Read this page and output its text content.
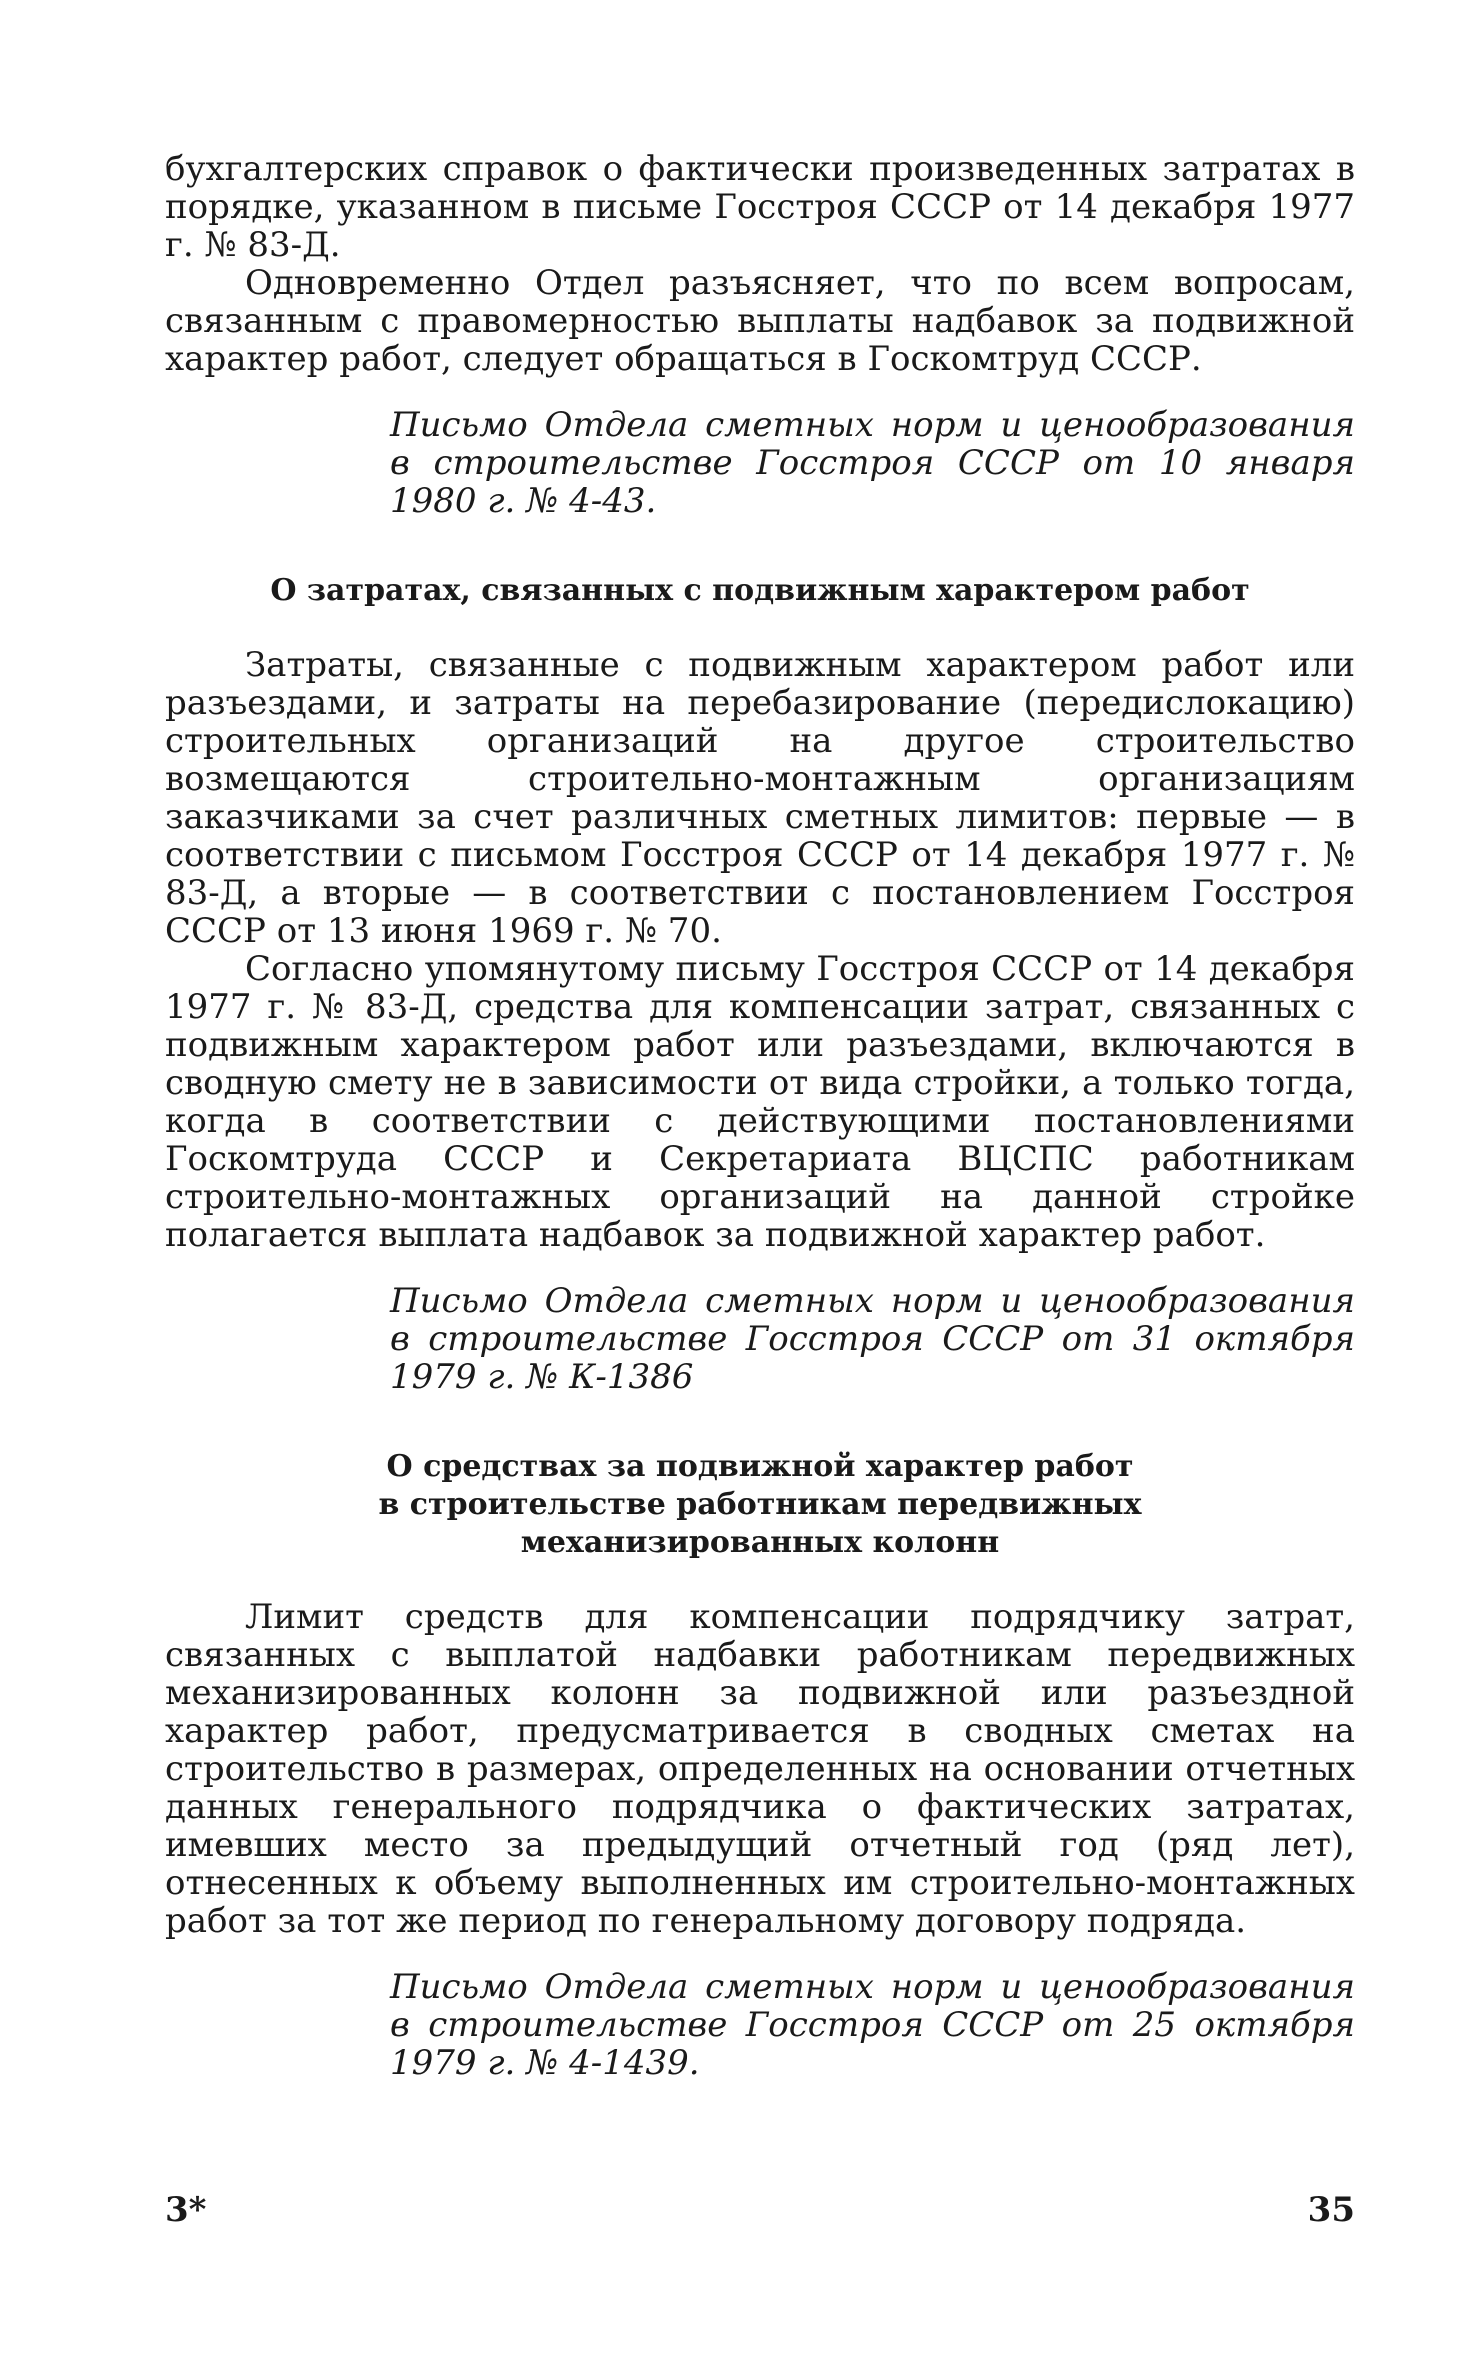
бухгалтерских справок о фактически произведенных затратах в порядке, указанном в письме Госстроя СССР от 14 декабря 1977 г. № 83-Д.

Одновременно Отдел разъясняет, что по всем вопросам, связанным с правомерностью выплаты надбавок за подвижной характер работ, следует обращаться в Госкомтруд СССР.

Письмо Отдела сметных норм и ценообразования в строительстве Госстроя СССР от 10 января 1980 г. № 4-43.

О затратах, связанных с подвижным характером работ

Затраты, связанные с подвижным характером работ или разъездами, и затраты на перебазирование (передислокацию) строительных организаций на другое строительство возмещаются строительно-монтажным организациям заказчиками за счет различных сметных лимитов: первые — в соответствии с письмом Госстроя СССР от 14 декабря 1977 г. № 83-Д, а вторые — в соответствии с постановлением Госстроя СССР от 13 июня 1969 г. № 70.

Согласно упомянутому письму Госстроя СССР от 14 декабря 1977 г. № 83-Д, средства для компенсации затрат, связанных с подвижным характером работ или разъездами, включаются в сводную смету не в зависимости от вида стройки, а только тогда, когда в соответствии с действующими постановлениями Госкомтруда СССР и Секретариата ВЦСПС работникам строительно-монтажных организаций на данной стройке полагается выплата надбавок за подвижной характер работ.

Письмо Отдела сметных норм и ценообразования в строительстве Госстроя СССР от 31 октября 1979 г. № К-1386

О средствах за подвижной характер работ
в строительстве работникам передвижных
механизированных колонн

Лимит средств для компенсации подрядчику затрат, связанных с выплатой надбавки работникам передвижных механизированных колонн за подвижной или разъездной характер работ, предусматривается в сводных сметах на строительство в размерах, определенных на основании отчетных данных генерального подрядчика о фактических затратах, имевших место за предыдущий отчетный год (ряд лет), отнесенных к объему выполненных им строительно-монтажных работ за тот же период по генеральному договору подряда.

Письмо Отдела сметных норм и ценообразования в строительстве Госстроя СССР от 25 октября 1979 г. № 4-1439.

3*	35
